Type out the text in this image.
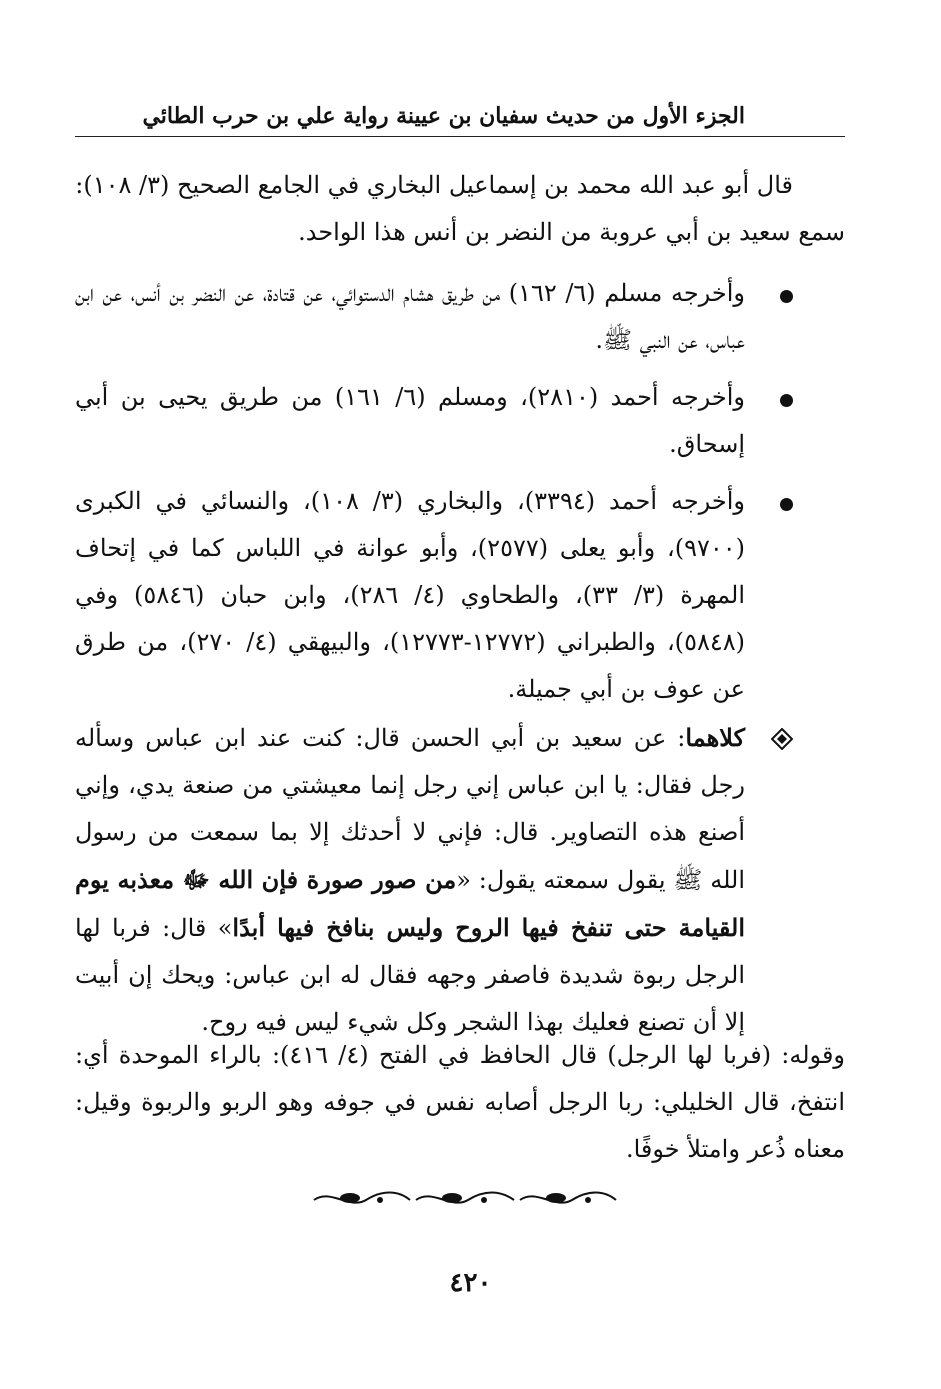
الجزء الأول من حديث سفيان بن عيينة رواية علي بن حرب الطائي
قال أبو عبد الله محمد بن إسماعيل البخاري في الجامع الصحيح (٣/ ١٠٨):
سمع سعيد بن أبي عروبة من النضر بن أنس هذا الواحد.
وأخرجه مسلم (٦/ ١٦٢) من طريق هشام الدستوائي، عن قتادة، عن النضر بن أنس، عن ابن عباس، عن النبي ﷺ.
وأخرجه أحمد (٢٨١٠)، ومسلم (٦/ ١٦١) من طريق يحيى بن أبي إسحاق.
وأخرجه أحمد (٣٣٩٤)، والبخاري (٣/ ١٠٨)، والنسائي في الكبرى (٩٧٠٠)، وأبو يعلى (٢٥٧٧)، وأبو عوانة في اللباس كما في إتحاف المهرة (٣/ ٣٣)، والطحاوي (٤/ ٢٨٦)، وابن حبان (٥٨٤٦) وفي (٥٨٤٨)، والطبراني (١٢٧٧٢-١٢٧٧٣)، والبيهقي (٤/ ٢٧٠)، من طرق عن عوف بن أبي جميلة.
كلاهما: عن سعيد بن أبي الحسن قال: كنت عند ابن عباس وسأله رجل فقال: يا ابن عباس إني رجل إنما معيشتي من صنعة يدي، وإني أصنع هذه التصاوير. قال: فإني لا أحدثك إلا بما سمعت من رسول الله ﷺ يقول سمعته يقول: «من صور صورة فإن الله ﷻ معذبه يوم القيامة حتى تنفخ فيها الروح وليس بنافخ فيها أبدًا» قال: فربا لها الرجل ربوة شديدة فاصفر وجهه فقال له ابن عباس: ويحك إن أبيت إلا أن تصنع فعليك بهذا الشجر وكل شيء ليس فيه روح.
وقوله: (فربا لها الرجل) قال الحافظ في الفتح (٤/ ٤١٦): بالراء الموحدة أي: انتفخ، قال الخليلي: ربا الرجل أصابه نفس في جوفه وهو الربو والربوة وقيل: معناه ذُعر وامتلأ خوفًا.
٤٢٠
